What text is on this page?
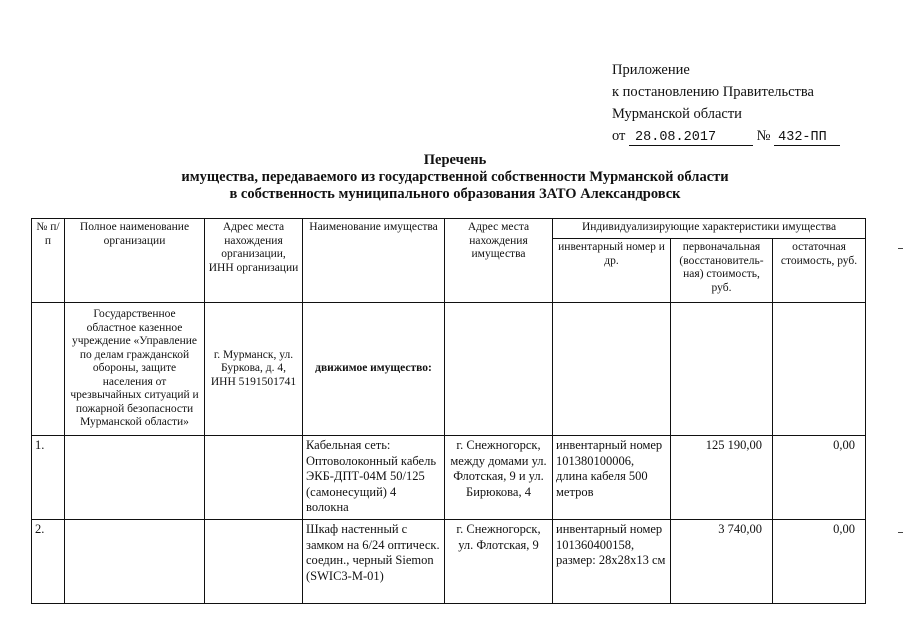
Приложение
к постановлению Правительства
Мурманской области
от 28.08.2017	№ 432-ПП
Перечень
имущества, передаваемого из государственной собственности Мурманской области
в собственность муниципального образования ЗАТО Александровск
№ п/п	Полное наименование организации	Адрес места нахождения организации, ИНН организации	Наименование имущества	Адрес места нахождения имущества	Индивидуализирующие характеристики имущества		
					инвентарный номер и др.	первоначальная (восстановитель-ная) стоимость, руб.	остаточная стоимость, руб.
	Государственное областное казенное учреждение «Управление по делам гражданской обороны, защите населения от чрезвычайных ситуаций и пожарной безопасности Мурманской области»	г. Мурманск, ул. Буркова, д. 4, ИНН 5191501741	движимое имущество:				
1.			Кабельная сеть: Оптоволоконный кабель ЭКБ-ДПТ-04М 50/125 (самонесущий) 4 волокна	г. Снежногорск, между домами ул. Флотская, 9 и ул. Бирюкова, 4	инвентарный номер 101380100006, длина кабеля 500 метров	125 190,00	0,00
2.			Шкаф настенный с замком на 6/24 оптическ. соедин., черный Siemon (SWIC3-M-01)	г. Снежногорск, ул. Флотская, 9	инвентарный номер 101360400158, размер: 28х28х13 см	3 740,00	0,00
